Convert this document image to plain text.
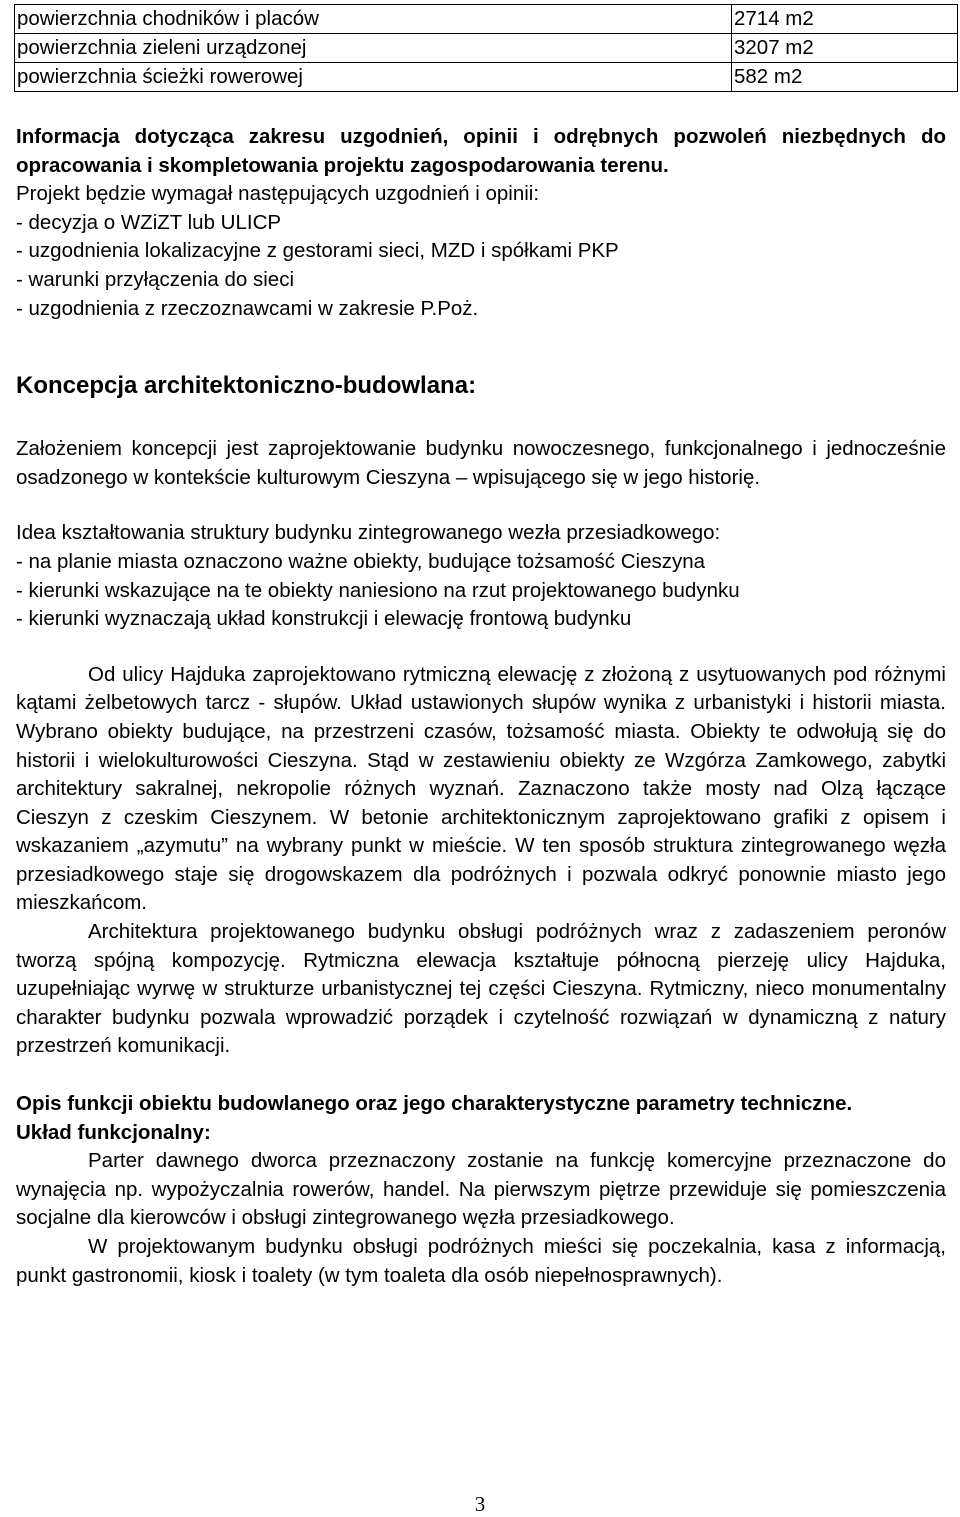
powierzchnia chodników i placów	2714 m2
powierzchnia zieleni urządzonej	3207 m2
powierzchnia ścieżki rowerowej	582 m2

Informacja dotycząca zakresu uzgodnień, opinii i odrębnych pozwoleń niezbędnych do opracowania i skompletowania projektu zagospodarowania terenu.

Projekt będzie wymagał następujących uzgodnień i opinii:

- decyzja o WZiZT lub ULICP

- uzgodnienia lokalizacyjne z gestorami sieci, MZD i spółkami PKP

- warunki przyłączenia do sieci

- uzgodnienia z rzeczoznawcami w zakresie P.Poż.

Koncepcja architektoniczno-budowlana:

Założeniem koncepcji jest zaprojektowanie budynku nowoczesnego, funkcjonalnego i jednocześnie osadzonego w kontekście kulturowym Cieszyna – wpisującego się w jego historię.

Idea kształtowania struktury budynku zintegrowanego wezła przesiadkowego:

- na planie miasta oznaczono ważne obiekty, budujące tożsamość Cieszyna

- kierunki wskazujące na te obiekty naniesiono na rzut projektowanego budynku

- kierunki wyznaczają układ konstrukcji i elewację frontową budynku

Od ulicy Hajduka zaprojektowano rytmiczną elewację z złożoną z usytuowanych pod różnymi kątami żelbetowych tarcz - słupów. Układ ustawionych słupów wynika z urbanistyki i historii miasta. Wybrano obiekty budujące, na przestrzeni czasów, tożsamość miasta. Obiekty te odwołują się do historii i wielokulturowości Cieszyna. Stąd w zestawieniu obiekty ze Wzgórza Zamkowego, zabytki architektury sakralnej, nekropolie różnych wyznań. Zaznaczono także mosty nad Olzą łączące Cieszyn z czeskim Cieszynem. W betonie architektonicznym zaprojektowano grafiki z opisem i wskazaniem „azymutu” na wybrany punkt w mieście. W ten sposób struktura zintegrowanego węzła przesiadkowego staje się drogowskazem dla podróżnych i pozwala odkryć ponownie miasto jego mieszkańcom.

Architektura projektowanego budynku obsługi podróżnych wraz z zadaszeniem peronów tworzą spójną kompozycję. Rytmiczna elewacja kształtuje północną pierzeję ulicy Hajduka, uzupełniając wyrwę w strukturze urbanistycznej tej części Cieszyna. Rytmiczny, nieco monumentalny charakter budynku pozwala wprowadzić porządek i czytelność rozwiązań w dynamiczną z natury przestrzeń komunikacji.

Opis funkcji obiektu budowlanego oraz jego charakterystyczne parametry techniczne.

Układ funkcjonalny:

Parter dawnego dworca przeznaczony zostanie na funkcję komercyjne przeznaczone do wynajęcia np. wypożyczalnia rowerów, handel. Na pierwszym piętrze przewiduje się pomieszczenia socjalne dla kierowców i obsługi zintegrowanego węzła przesiadkowego.

W projektowanym budynku obsługi podróżnych mieści się poczekalnia, kasa z informacją, punkt gastronomii, kiosk i toalety (w tym toaleta dla osób niepełnosprawnych).

3
